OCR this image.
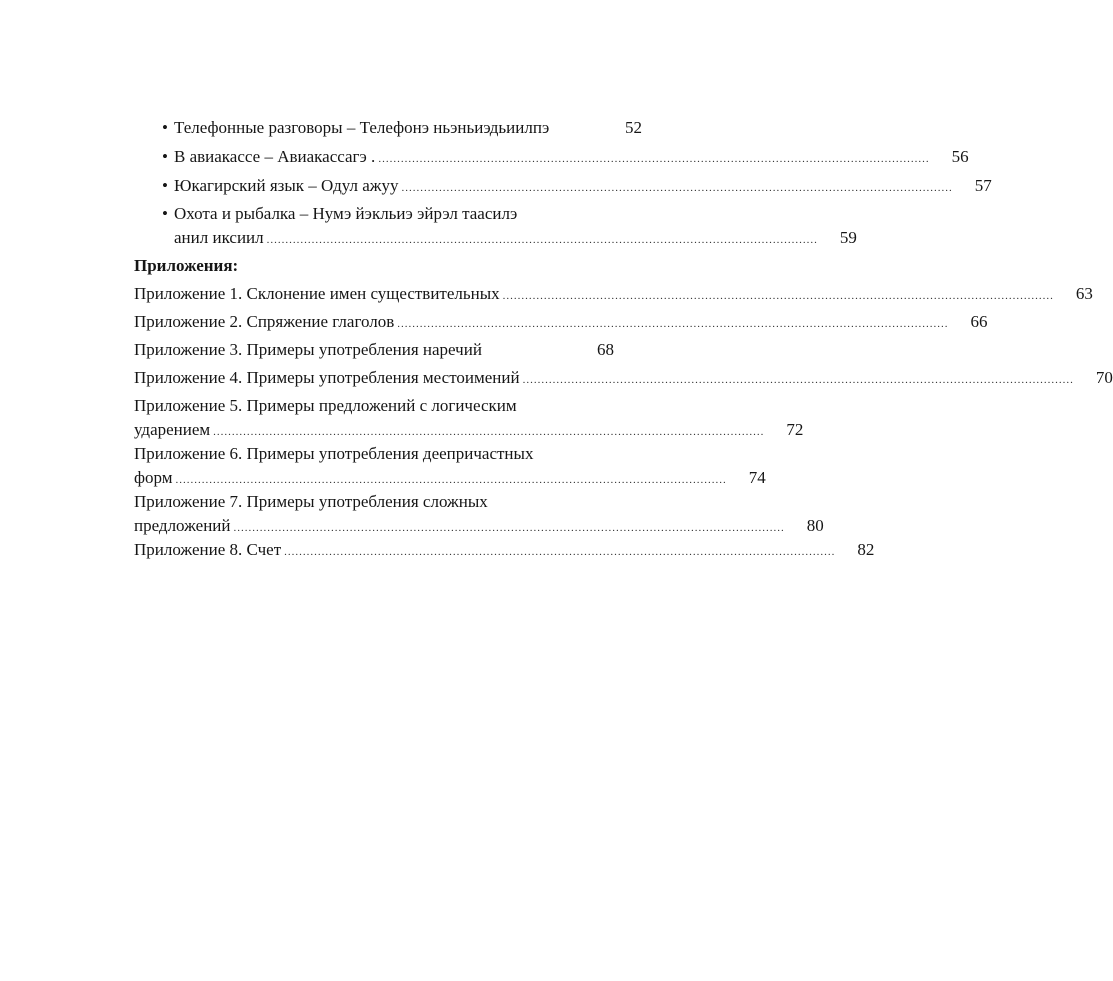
• Телефонные разговоры – Телефонэ ньэньиэдьиилпэ	52
• В авиакассе – Авиакассагэ . .....	56
• Юкагирский язык – Одул ажуу .....	57
• Охота и рыбалка – Нумэ йэкльиэ эйрэл таасилэ
анил иксиил .....	59
Приложения:
Приложение 1. Склонение имен существительных .....	63
Приложение 2. Спряжение глаголов .....	66
Приложение 3. Примеры употребления наречий	68
Приложение 4. Примеры употребления местоимений .....	70
Приложение 5. Примеры предложений с логическим
ударением .....	72
Приложение 6. Примеры употребления деепричастных
форм .....	74
Приложение 7. Примеры употребления сложных
предложений .....	80
Приложение 8. Счет .....	82
